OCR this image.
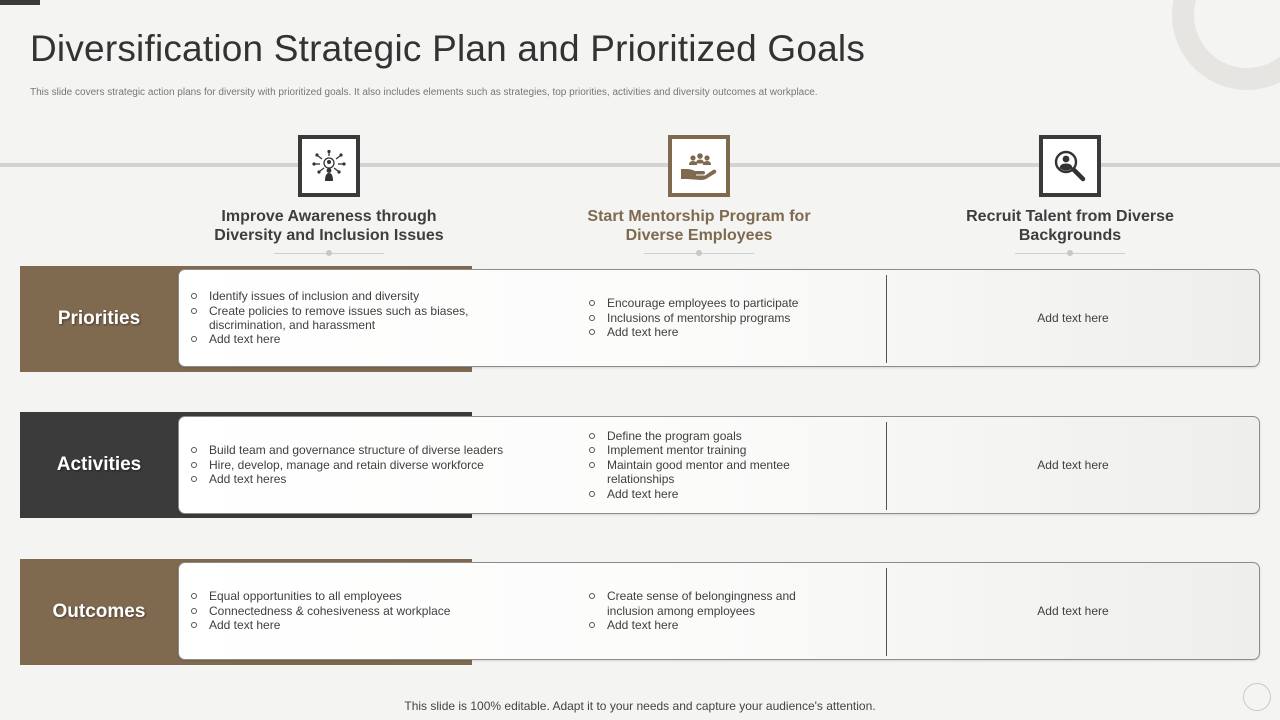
Diversification Strategic Plan and Prioritized Goals
This slide covers strategic action plans for diversity with prioritized goals. It also includes elements such as strategies, top priorities, activities and diversity outcomes at workplace.
Improve Awareness through Diversity and Inclusion Issues
Start Mentorship Program for Diverse Employees
Recruit Talent from Diverse Backgrounds
Priorities
Identify issues of inclusion and diversity
Create policies to remove issues such as biases, discrimination, and harassment
Add text here
Encourage employees to participate
Inclusions of mentorship programs
Add text here
Add text here
Activities
Build team and governance structure of diverse leaders
Hire, develop, manage and retain diverse workforce
Add text heres
Define the program goals
Implement mentor training
Maintain good mentor and mentee relationships
Add text here
Add text here
Outcomes
Equal opportunities to all employees
Connectedness & cohesiveness at workplace
Add text here
Create sense of belongingness and inclusion among employees
Add text here
Add text here
This slide is 100% editable. Adapt it to your needs and capture your audience's attention.
